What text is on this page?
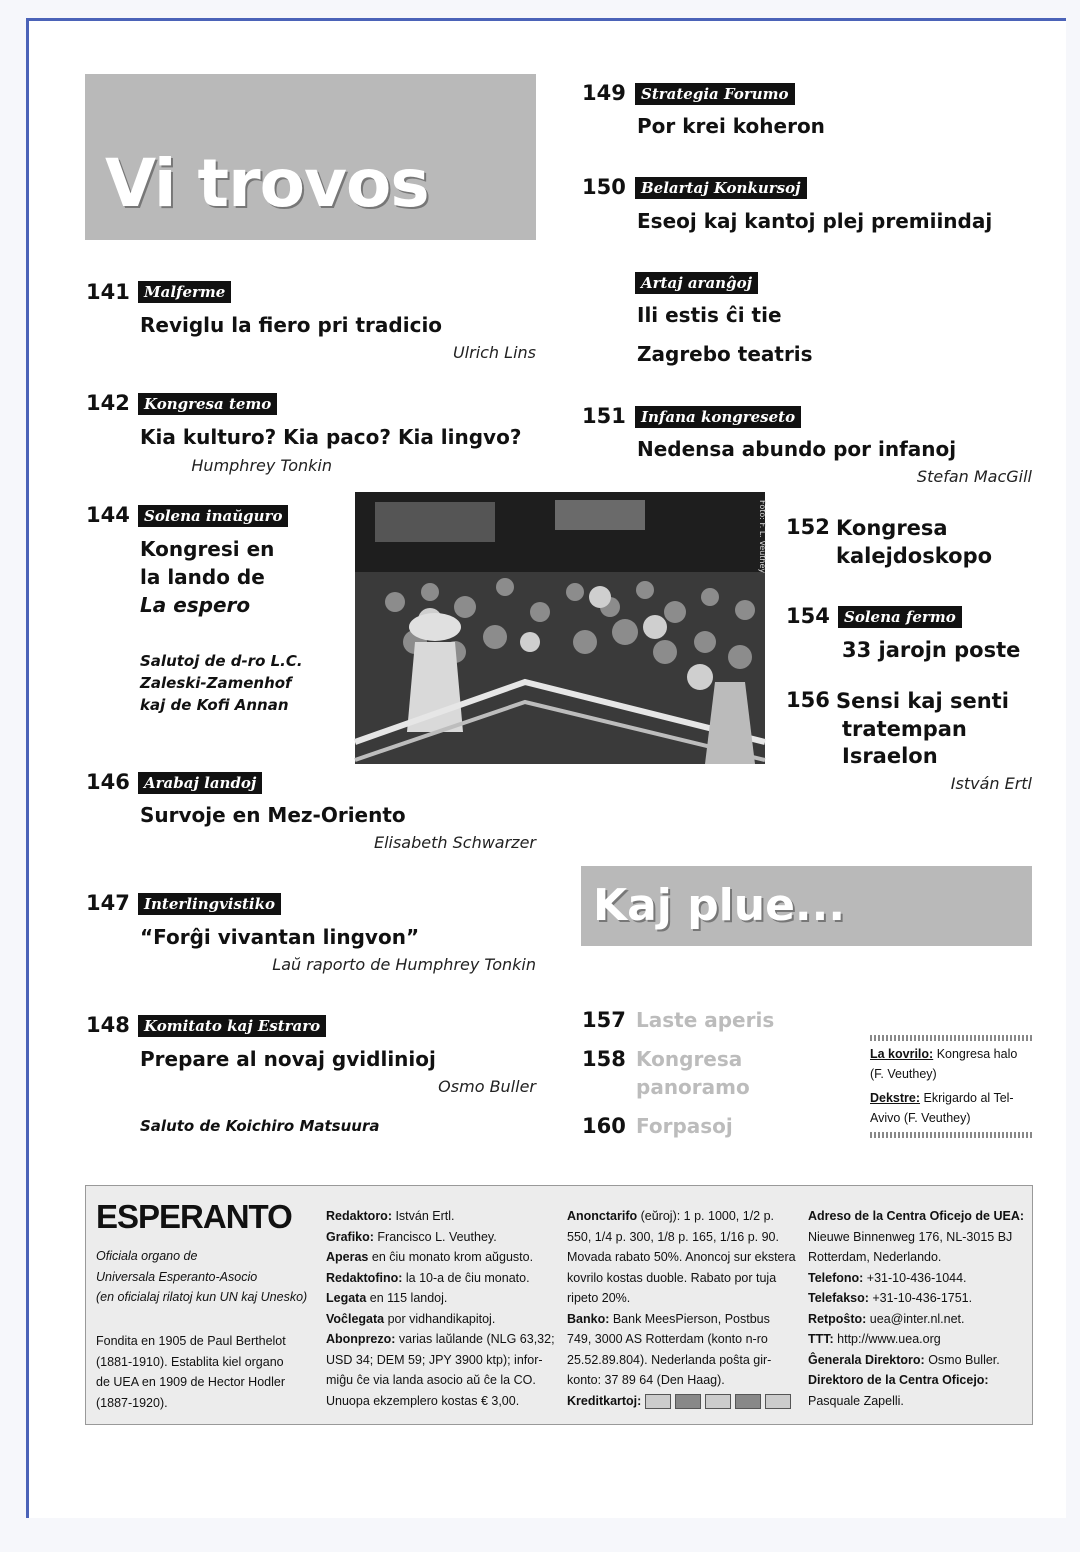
Vi trovos
141 Malferme
Reviglu la fiero pri tradicio
Ulrich Lins
142 Kongresa temo
Kia kulturo? Kia paco? Kia lingvo?
Humphrey Tonkin
144 Solena inaŭguro
Kongresi en
la lando de
La espero
Salutoj de d-ro L.C.
Zaleski-Zamenhof
kaj de Kofi Annan
Foto: F. L. Veuthey
146 Arabaj landoj
Survoje en Mez-Oriento
Elisabeth Schwarzer
147 Interlingvistiko
“Forĝi vivantan lingvon”
Laŭ raporto de Humphrey Tonkin
148 Komitato kaj Estraro
Prepare al novaj gvidlinioj
Osmo Buller
Saluto de Koichiro Matsuura
149	Strategia Forumo
Por krei koheron
150	Belartaj Konkursoj
Eseoj kaj kantoj plej premiindaj
Artaj aranĝoj
Ili estis ĉi tie
Zagrebo teatris
151	Infana kongreseto
Nedensa abundo por infanoj
Stefan MacGill
152 Kongresa
kalejdoskopo
154 Solena fermo
33 jarojn poste
156 Sensi kaj senti
tratempan
Israelon
István Ertl
Kaj plue...
157 Laste aperis
158 Kongresa
panoramo
160 Forpasoj
La kovrilo: Kongresa halo
(F. Veuthey)
Dekstre: Ekrigardo al Tel-
Avivo (F. Veuthey)
ESPERANTO
Oficiala organo de
Universala Esperanto-Asocio
(en oficialaj rilatoj kun UN kaj Unesko)
Fondita en 1905 de Paul Berthelot
(1881-1910). Establita kiel organo
de UEA en 1909 de Hector Hodler
(1887-1920).
Redaktoro: István Ertl.
Grafiko: Francisco L. Veuthey.
Aperas en ĉiu monato krom aŭgusto.
Redaktofino: la 10-a de ĉiu monato.
Legata en 115 landoj.
Voĉlegata por vidhandikapitoj.
Abonprezo: varias laŭlande (NLG 63,32;
USD 34; DEM 59; JPY 3900 ktp); infor-
miĝu ĉe via landa asocio aŭ ĉe la CO.
Unuopa ekzemplero kostas € 3,00.
Anonctarifo (eŭroj): 1 p. 1000, 1/2 p.
550, 1/4 p. 300, 1/8 p. 165, 1/16 p. 90.
Movada rabato 50%. Anoncoj sur ekstera
kovrilo kostas duoble. Rabato por tuja
ripeto 20%.
Banko: Bank MeesPierson, Postbus
749, 3000 AS Rotterdam (konto n-ro
25.52.89.804). Nederlanda poŝta gir-
konto: 37 89 64 (Den Haag).
Kreditkartoj:
Adreso de la Centra Oficejo de UEA:
Nieuwe Binnenweg 176, NL-3015 BJ
Rotterdam, Nederlando.
Telefono: +31-10-436-1044.
Telefakso: +31-10-436-1751.
Retpoŝto: uea@inter.nl.net.
TTT: http://www.uea.org
Ĝenerala Direktoro: Osmo Buller.
Direktoro de la Centra Oficejo:
Pasquale Zapelli.
